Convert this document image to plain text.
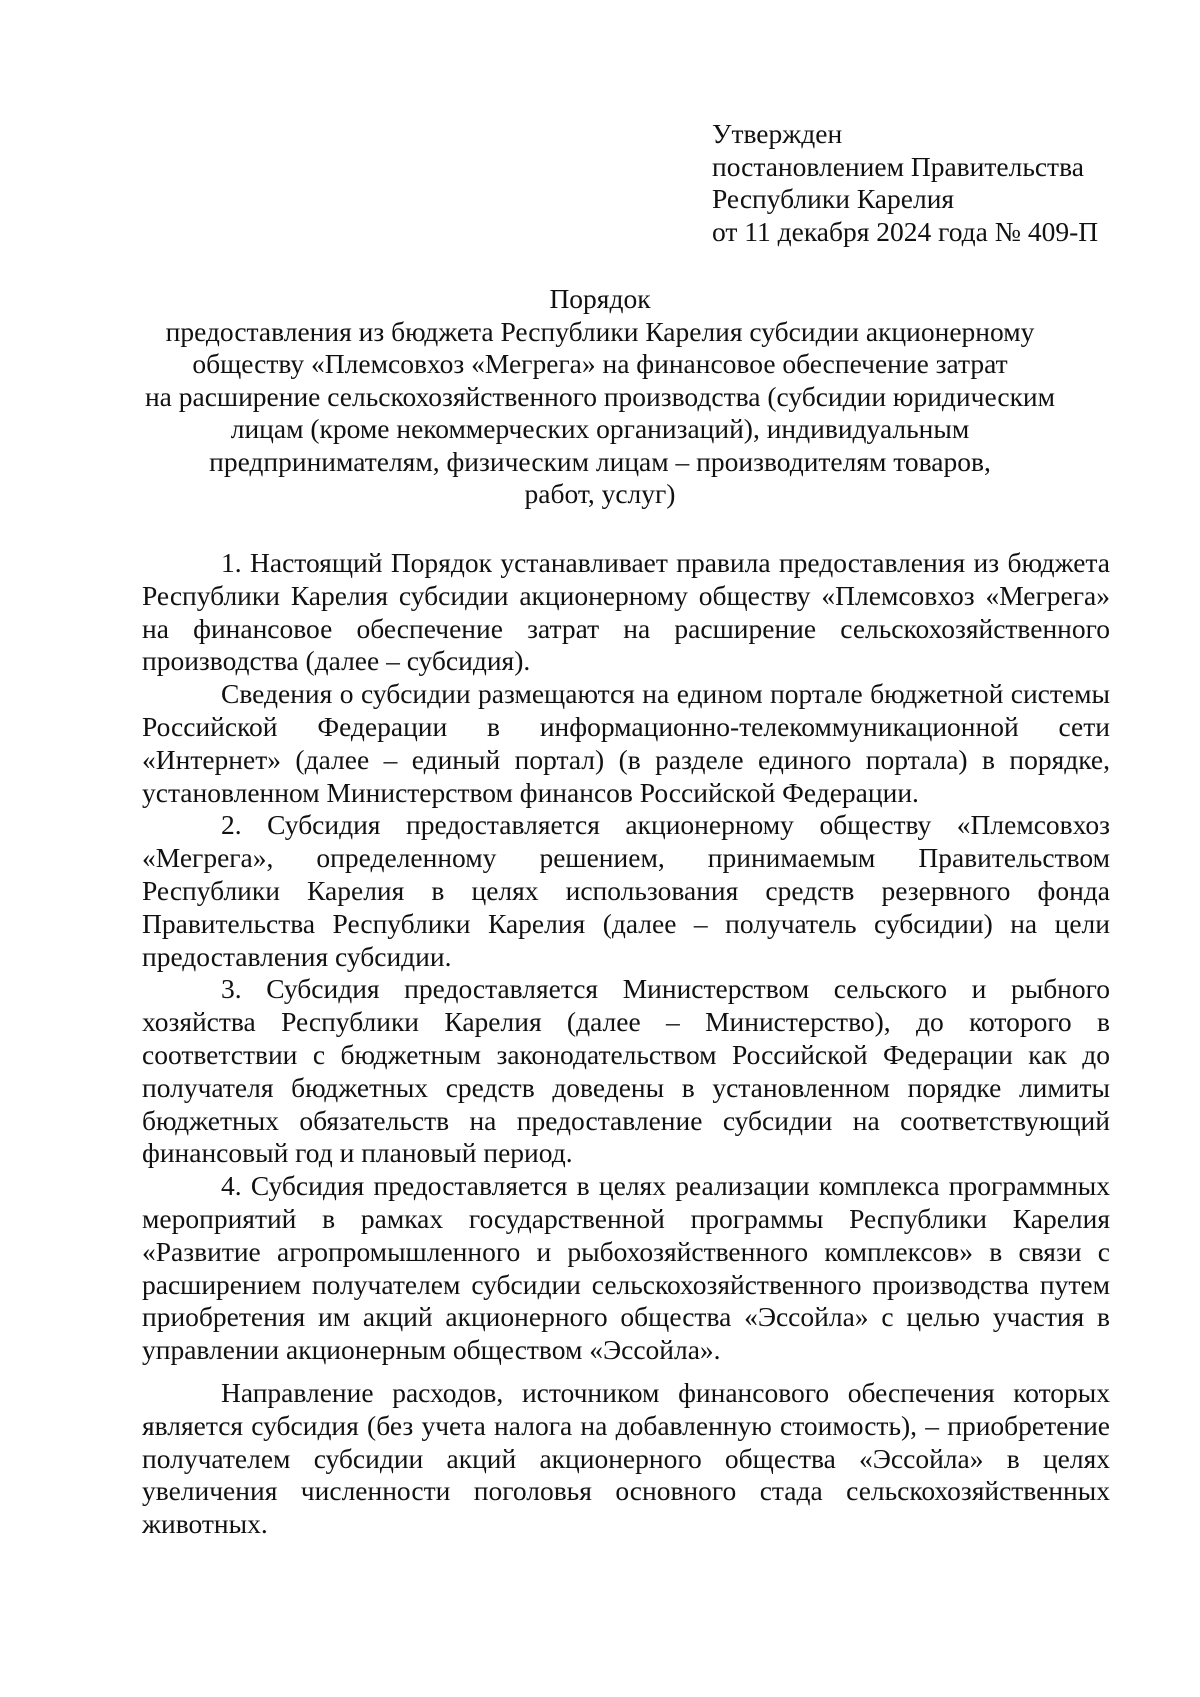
Утвержден
постановлением Правительства
Республики Карелия
от 11 декабря 2024 года № 409-П
Порядок
предоставления из бюджета Республики Карелия субсидии акционерному
обществу «Племсовхоз «Мегрега» на финансовое обеспечение затрат
на расширение сельскохозяйственного производства (субсидии юридическим
лицам (кроме некоммерческих организаций), индивидуальным
предпринимателям, физическим лицам – производителям товаров,
работ, услуг)

1. Настоящий Порядок устанавливает правила предоставления из бюджета Республики Карелия субсидии акционерному обществу «Племсовхоз «Мегрега» на финансовое обеспечение затрат на расширение сельскохозяйственного производства (далее – субсидия).

Сведения о субсидии размещаются на едином портале бюджетной системы Российской Федерации в информационно-телекоммуникационной сети «Интернет» (далее – единый портал) (в разделе единого портала) в порядке, установленном Министерством финансов Российской Федерации.

2. Субсидия предоставляется акционерному обществу «Племсовхоз «Мегрега», определенному решением, принимаемым Правительством Республики Карелия в целях использования средств резервного фонда Правительства Республики Карелия (далее – получатель субсидии) на цели предоставления субсидии.

3. Субсидия предоставляется Министерством сельского и рыбного хозяйства Республики Карелия (далее – Министерство), до которого в соответствии с бюджетным законодательством Российской Федерации как до получателя бюджетных средств доведены в установленном порядке лимиты бюджетных обязательств на предоставление субсидии на соответствующий финансовый год и плановый период.

4. Субсидия предоставляется в целях реализации комплекса программных мероприятий в рамках государственной программы Республики Карелия «Развитие агропромышленного и рыбохозяйственного комплексов» в связи с расширением получателем субсидии сельскохозяйственного производства путем приобретения им акций акционерного общества «Эссойла» с целью участия в управлении акционерным обществом «Эссойла».

Направление расходов, источником финансового обеспечения которых является субсидия (без учета налога на добавленную стоимость), – приобретение получателем субсидии акций акционерного общества «Эссойла» в целях увеличения численности поголовья основного стада сельскохозяйственных животных.
